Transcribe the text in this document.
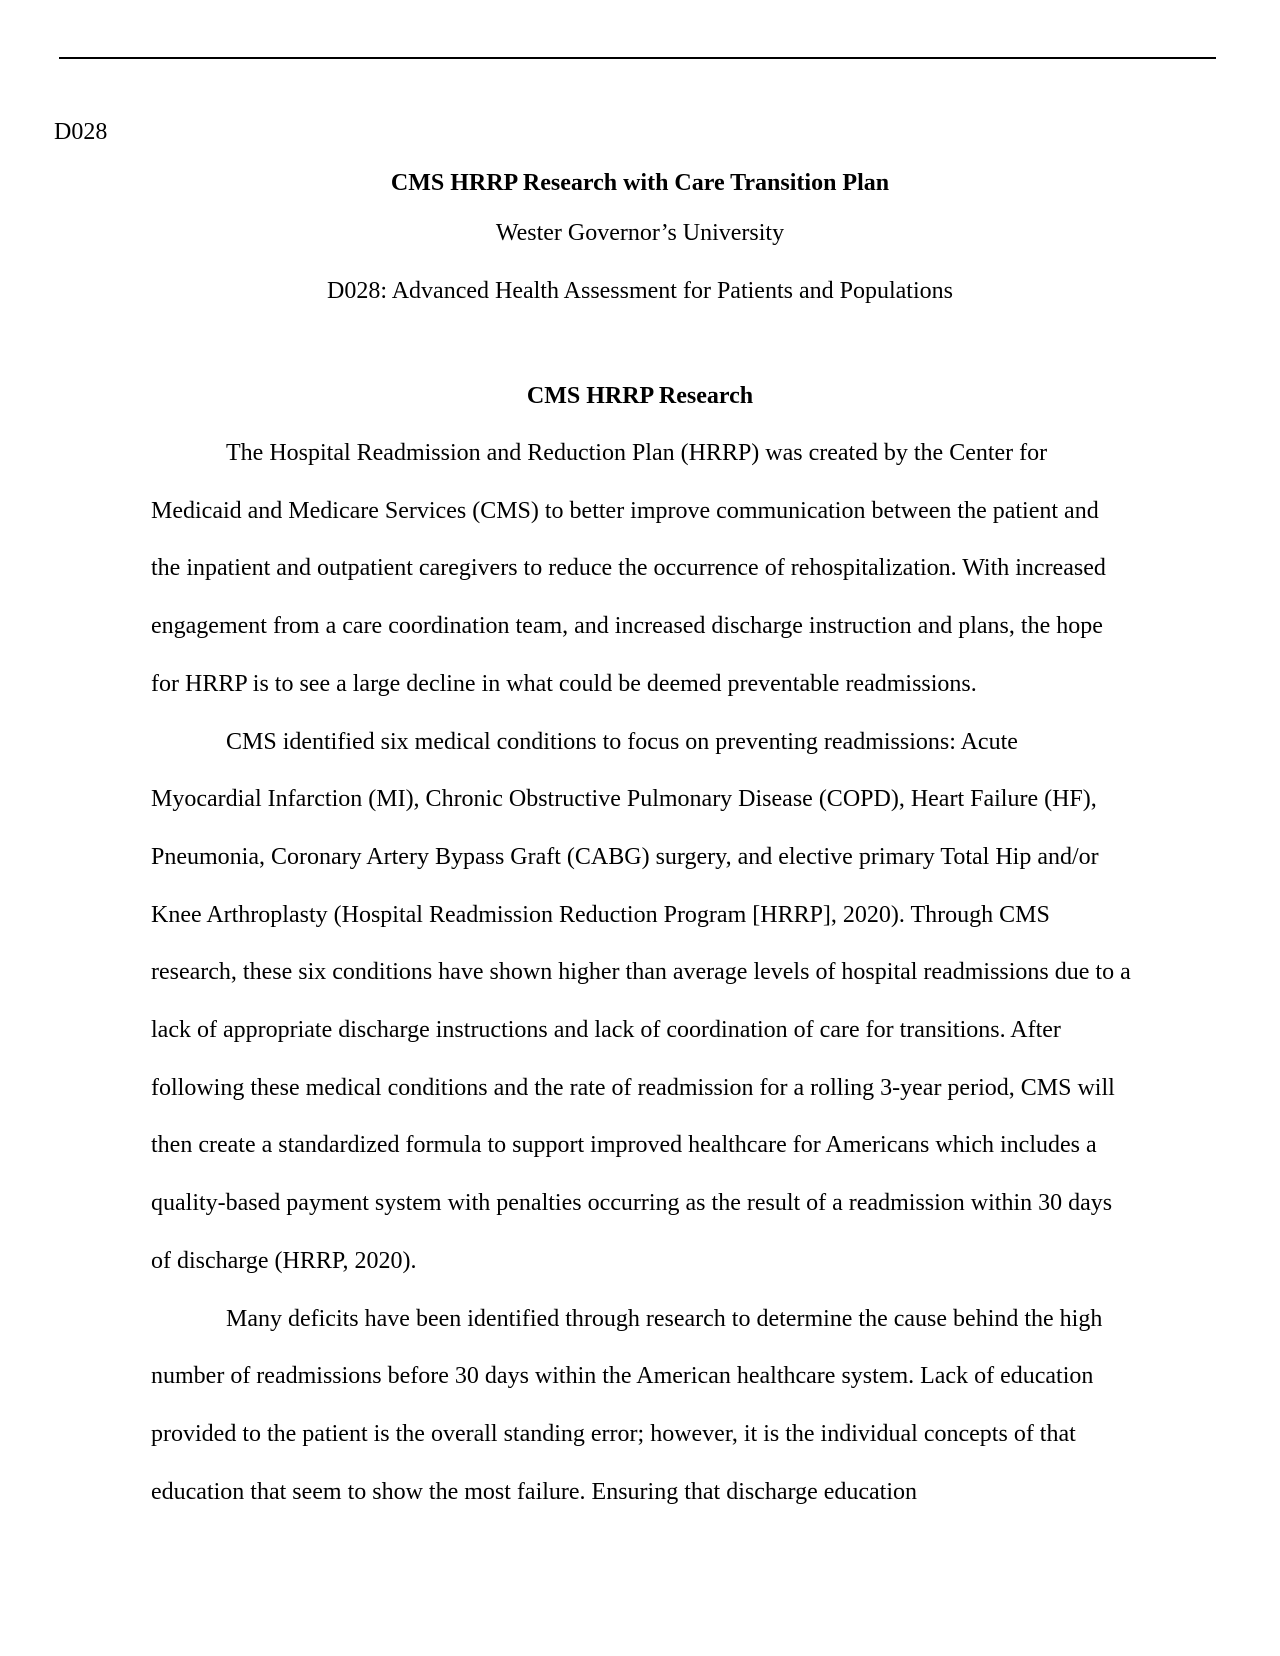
D028
CMS HRRP Research with Care Transition Plan
Wester Governor’s University
D028: Advanced Health Assessment for Patients and Populations
CMS HRRP Research

The Hospital Readmission and Reduction Plan (HRRP) was created by the Center for Medicaid and Medicare Services (CMS) to better improve communication between the patient and the inpatient and outpatient caregivers to reduce the occurrence of rehospitalization. With increased engagement from a care coordination team, and increased discharge instruction and plans, the hope for HRRP is to see a large decline in what could be deemed preventable readmissions.

CMS identified six medical conditions to focus on preventing readmissions: Acute Myocardial Infarction (MI), Chronic Obstructive Pulmonary Disease (COPD), Heart Failure (HF), Pneumonia, Coronary Artery Bypass Graft (CABG) surgery, and elective primary Total Hip and/or Knee Arthroplasty (Hospital Readmission Reduction Program [HRRP], 2020). Through CMS research, these six conditions have shown higher than average levels of hospital readmissions due to a lack of appropriate discharge instructions and lack of coordination of care for transitions. After following these medical conditions and the rate of readmission for a rolling 3-year period, CMS will then create a standardized formula to support improved healthcare for Americans which includes a quality-based payment system with penalties occurring as the result of a readmission within 30 days of discharge (HRRP, 2020).

Many deficits have been identified through research to determine the cause behind the high number of readmissions before 30 days within the American healthcare system. Lack of education provided to the patient is the overall standing error; however, it is the individual concepts of that education that seem to show the most failure. Ensuring that discharge education
